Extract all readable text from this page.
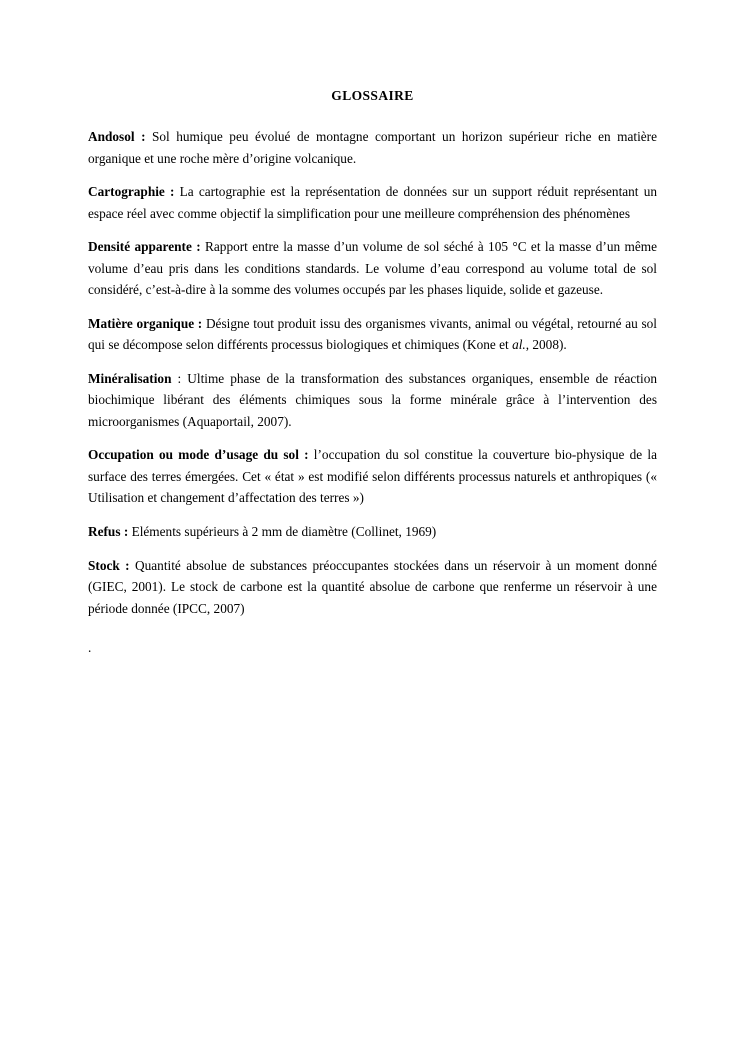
GLOSSAIRE

Andosol : Sol humique peu évolué de montagne comportant un horizon supérieur riche en matière organique et une roche mère d’origine volcanique.

Cartographie : La cartographie est la représentation de données sur un support réduit représentant un espace réel avec comme objectif la simplification pour une meilleure compréhension des phénomènes

Densité apparente : Rapport entre la masse d’un volume de sol séché à 105 °C et la masse d’un même volume d’eau pris dans les conditions standards. Le volume d’eau correspond au volume total de sol considéré, c’est-à-dire à la somme des volumes occupés par les phases liquide, solide et gazeuse.

Matière organique : Désigne tout produit issu des organismes vivants, animal ou végétal, retourné au sol qui se décompose selon différents processus biologiques et chimiques (Kone et al., 2008).

Minéralisation : Ultime phase de la transformation des substances organiques, ensemble de réaction biochimique libérant des éléments chimiques sous la forme minérale grâce à l’intervention des microorganismes (Aquaportail, 2007).

Occupation ou mode d’usage du sol : l’occupation du sol constitue la couverture bio-physique de la surface des terres émergées. Cet « état » est modifié selon différents processus naturels et anthropiques (« Utilisation et changement d’affectation des terres »)

Refus : Eléments supérieurs à 2 mm de diamètre (Collinet, 1969)

Stock : Quantité absolue de substances préoccupantes stockées dans un réservoir à un moment donné (GIEC, 2001). Le stock de carbone est la quantité absolue de carbone que renferme un réservoir à une période donnée (IPCC, 2007)

.
